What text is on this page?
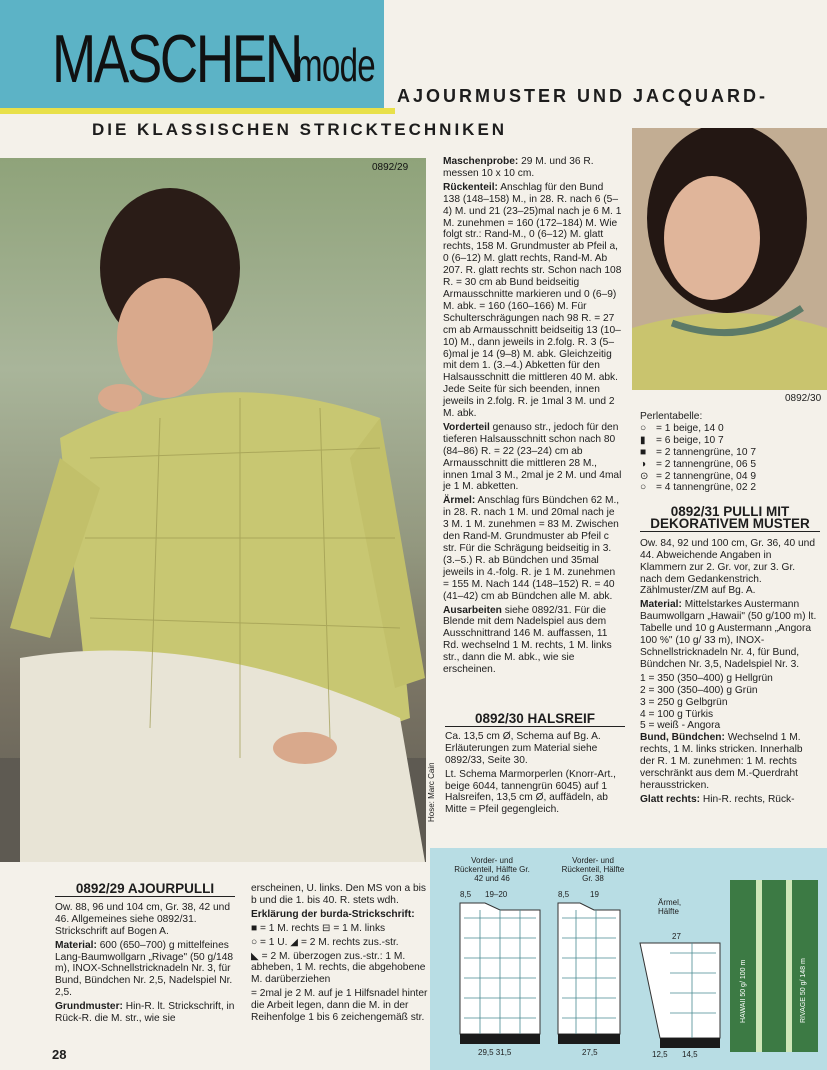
MASCHEN
mode
AJOURMUSTER UND JACQUARD-
DIE KLASSISCHEN STRICKTECHNIKEN
0892/29
Hose: Marc Cain
0892/30

Maschenprobe: 29 M. und 36 R. messen 10 x 10 cm.

Rückenteil: Anschlag für den Bund 138 (148–158) M., in 28. R. nach 6 (5–4) M. und 21 (23–25)mal nach je 6 M. 1 M. zunehmen = 160 (172–184) M. Wie folgt str.: Rand-M., 0 (6–12) M. glatt rechts, 158 M. Grundmuster ab Pfeil a, 0 (6–12) M. glatt rechts, Rand-M. Ab 207. R. glatt rechts str. Schon nach 108 R. = 30 cm ab Bund beidseitig Armausschnitte markieren und 0 (6–9) M. abk. = 160 (160–166) M. Für Schulterschrägungen nach 98 R. = 27 cm ab Armausschnitt beidseitig 13 (10–10) M., dann jeweils in 2.folg. R. 3 (5–6)mal je 14 (9–8) M. abk. Gleichzeitig mit dem 1. (3.–4.) Abketten für den Halsausschnitt die mittleren 40 M. abk. Jede Seite für sich beenden, innen jeweils in 2.folg. R. je 1mal 3 M. und 2 M. abk.

Vorderteil genauso str., jedoch für den tieferen Halsausschnitt schon nach 80 (84–86) R. = 22 (23–24) cm ab Armausschnitt die mittleren 28 M., innen 1mal 3 M., 2mal je 2 M. und 4mal je 1 M. abketten.

Ärmel: Anschlag fürs Bündchen 62 M., in 28. R. nach 1 M. und 20mal nach je 3 M. 1 M. zunehmen = 83 M. Zwischen den Rand-M. Grundmuster ab Pfeil c str. Für die Schrägung beidseitig in 3. (3.–5.) R. ab Bündchen und 35mal jeweils in 4.-folg. R. je 1 M. zunehmen = 155 M. Nach 144 (148–152) R. = 40 (41–42) cm ab Bündchen alle M. abk.

Ausarbeiten siehe 0892/31. Für die Blende mit dem Nadelspiel aus dem Ausschnittrand 146 M. auffassen, 11 Rd. wechselnd 1 M. rechts, 1 M. links str., dann die M. abk., wie sie erscheinen.

0892/30 HALSREIF

Ca. 13,5 cm Ø, Schema auf Bg. A. Erläuterungen zum Material siehe 0892/33, Seite 30.

Lt. Schema Marmorperlen (Knorr-Art., beige 6044, tannengrün 6045) auf 1 Halsreifen, 13,5 cm Ø, auffädeln, ab Mitte = Pfeil gegengleich.

Perlentabelle:
○ = 1 beige, 14 0
▮ = 6 beige, 10 7
■ = 2 tannengrüne, 10 7
◑ = 2 tannengrüne, 06 5
⊙ = 2 tannengrüne, 04 9
○ = 4 tannengrüne, 02 2
0892/31 PULLI MIT
DEKORATIVEM MUSTER

Ow. 84, 92 und 100 cm, Gr. 36, 40 und 44. Abweichende Angaben in Klammern zur 2. Gr. vor, zur 3. Gr. nach dem Gedankenstrich. Zählmuster/ZM auf Bg. A.

Material: Mittelstarkes Austermann Baumwollgarn „Hawaii" (50 g/100 m) lt. Tabelle und 10 g Austermann „Angora 100 %" (10 g/ 33 m), INOX-Schnellstricknadeln Nr. 4, für Bund, Bündchen Nr. 3,5, Nadelspiel Nr. 3.

1 = 350 (350–400) g Hellgrün
2 = 300 (350–400) g Grün
3 = 250 g Gelbgrün
4 = 100 g Türkis
5 = weiß - Angora

Bund, Bündchen: Wechselnd 1 M. rechts, 1 M. links stricken. Innerhalb der R. 1 M. zunehmen: 1 M. rechts verschränkt aus dem M.-Querdraht herausstricken.

Glatt rechts: Hin-R. rechts, Rück-

0892/29 AJOURPULLI

Ow. 88, 96 und 104 cm, Gr. 38, 42 und 46. Allgemeines siehe 0892/31. Strickschrift auf Bogen A.

Material: 600 (650–700) g mittelfeines Lang-Baumwollgarn „Rivage" (50 g/148 m), INOX-Schnellstricknadeln Nr. 3, für Bund, Bündchen Nr. 2,5, Nadelspiel Nr. 2,5.

Grundmuster: Hin-R. lt. Strickschrift, in Rück-R. die M. str., wie sie

erscheinen, U. links. Den MS von a bis b und die 1. bis 40. R. stets wdh.

Erklärung der burda-Strickschrift:

■ = 1 M. rechts ⊟ = 1 M. links

○ = 1 U. ◢ = 2 M. rechts zus.-str.

◣ = 2 M. überzogen zus.-str.: 1 M. abheben, 1 M. rechts, die abgehobene M. darüberziehen

= 2mal je 2 M. auf je 1 Hilfsnadel hinter die Arbeit legen, dann die M. in der Reihenfolge 1 bis 6 zeichengemäß str.

Vorder- und Rückenteil, Hälfte Gr. 42 und 46
Vorder- und Rückenteil, Hälfte Gr. 38
Ärmel, Hälfte
8,5 19–20
29,5 31,5
8,5	19
27,5
27
12,5 14,5
HAWAII 50 g/ 100 m	RIVAGE 50 g/ 148 m
28
